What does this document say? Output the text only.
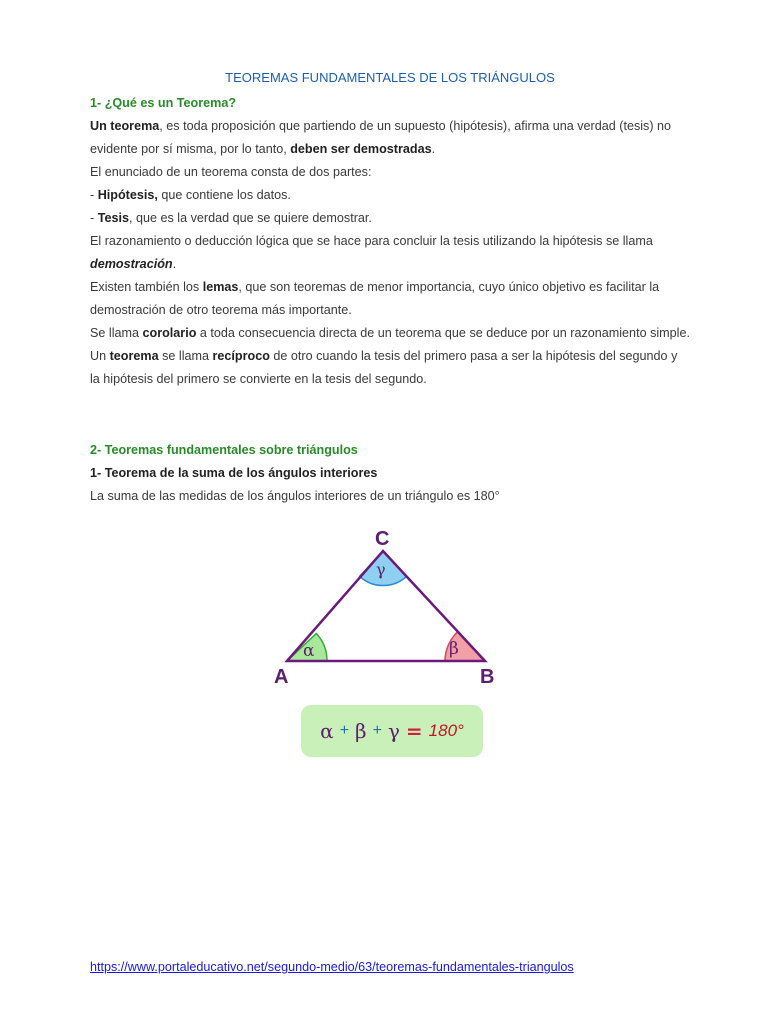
TEOREMAS FUNDAMENTALES DE LOS TRIÁNGULOS
1- ¿Qué es un Teorema?

Un teorema, es toda proposición que partiendo de un supuesto (hipótesis), afirma una verdad (tesis) no evidente por sí misma, por lo tanto, deben ser demostradas.

El enunciado de un teorema consta de dos partes:

- Hipótesis, que contiene los datos.

- Tesis, que es la verdad que se quiere demostrar.

El razonamiento o deducción lógica que se hace para concluir la tesis utilizando la hipótesis se llama demostración.

Existen también los lemas, que son teoremas de menor importancia, cuyo único objetivo es facilitar la demostración de otro teorema más importante.

Se llama corolario a toda consecuencia directa de un teorema que se deduce por un razonamiento simple.

Un teorema se llama recíproco de otro cuando la tesis del primero pasa a ser la hipótesis del segundo y la hipótesis del primero se convierte en la tesis del segundo.

2- Teoremas fundamentales sobre triángulos
1- Teorema de la suma de los ángulos interiores

La suma de las medidas de los ángulos interiores de un triángulo es 180°

α	β
γ
C
A	B
α + β + γ = 180°
https://www.portaleducativo.net/segundo-medio/63/teoremas-fundamentales-triangulos
